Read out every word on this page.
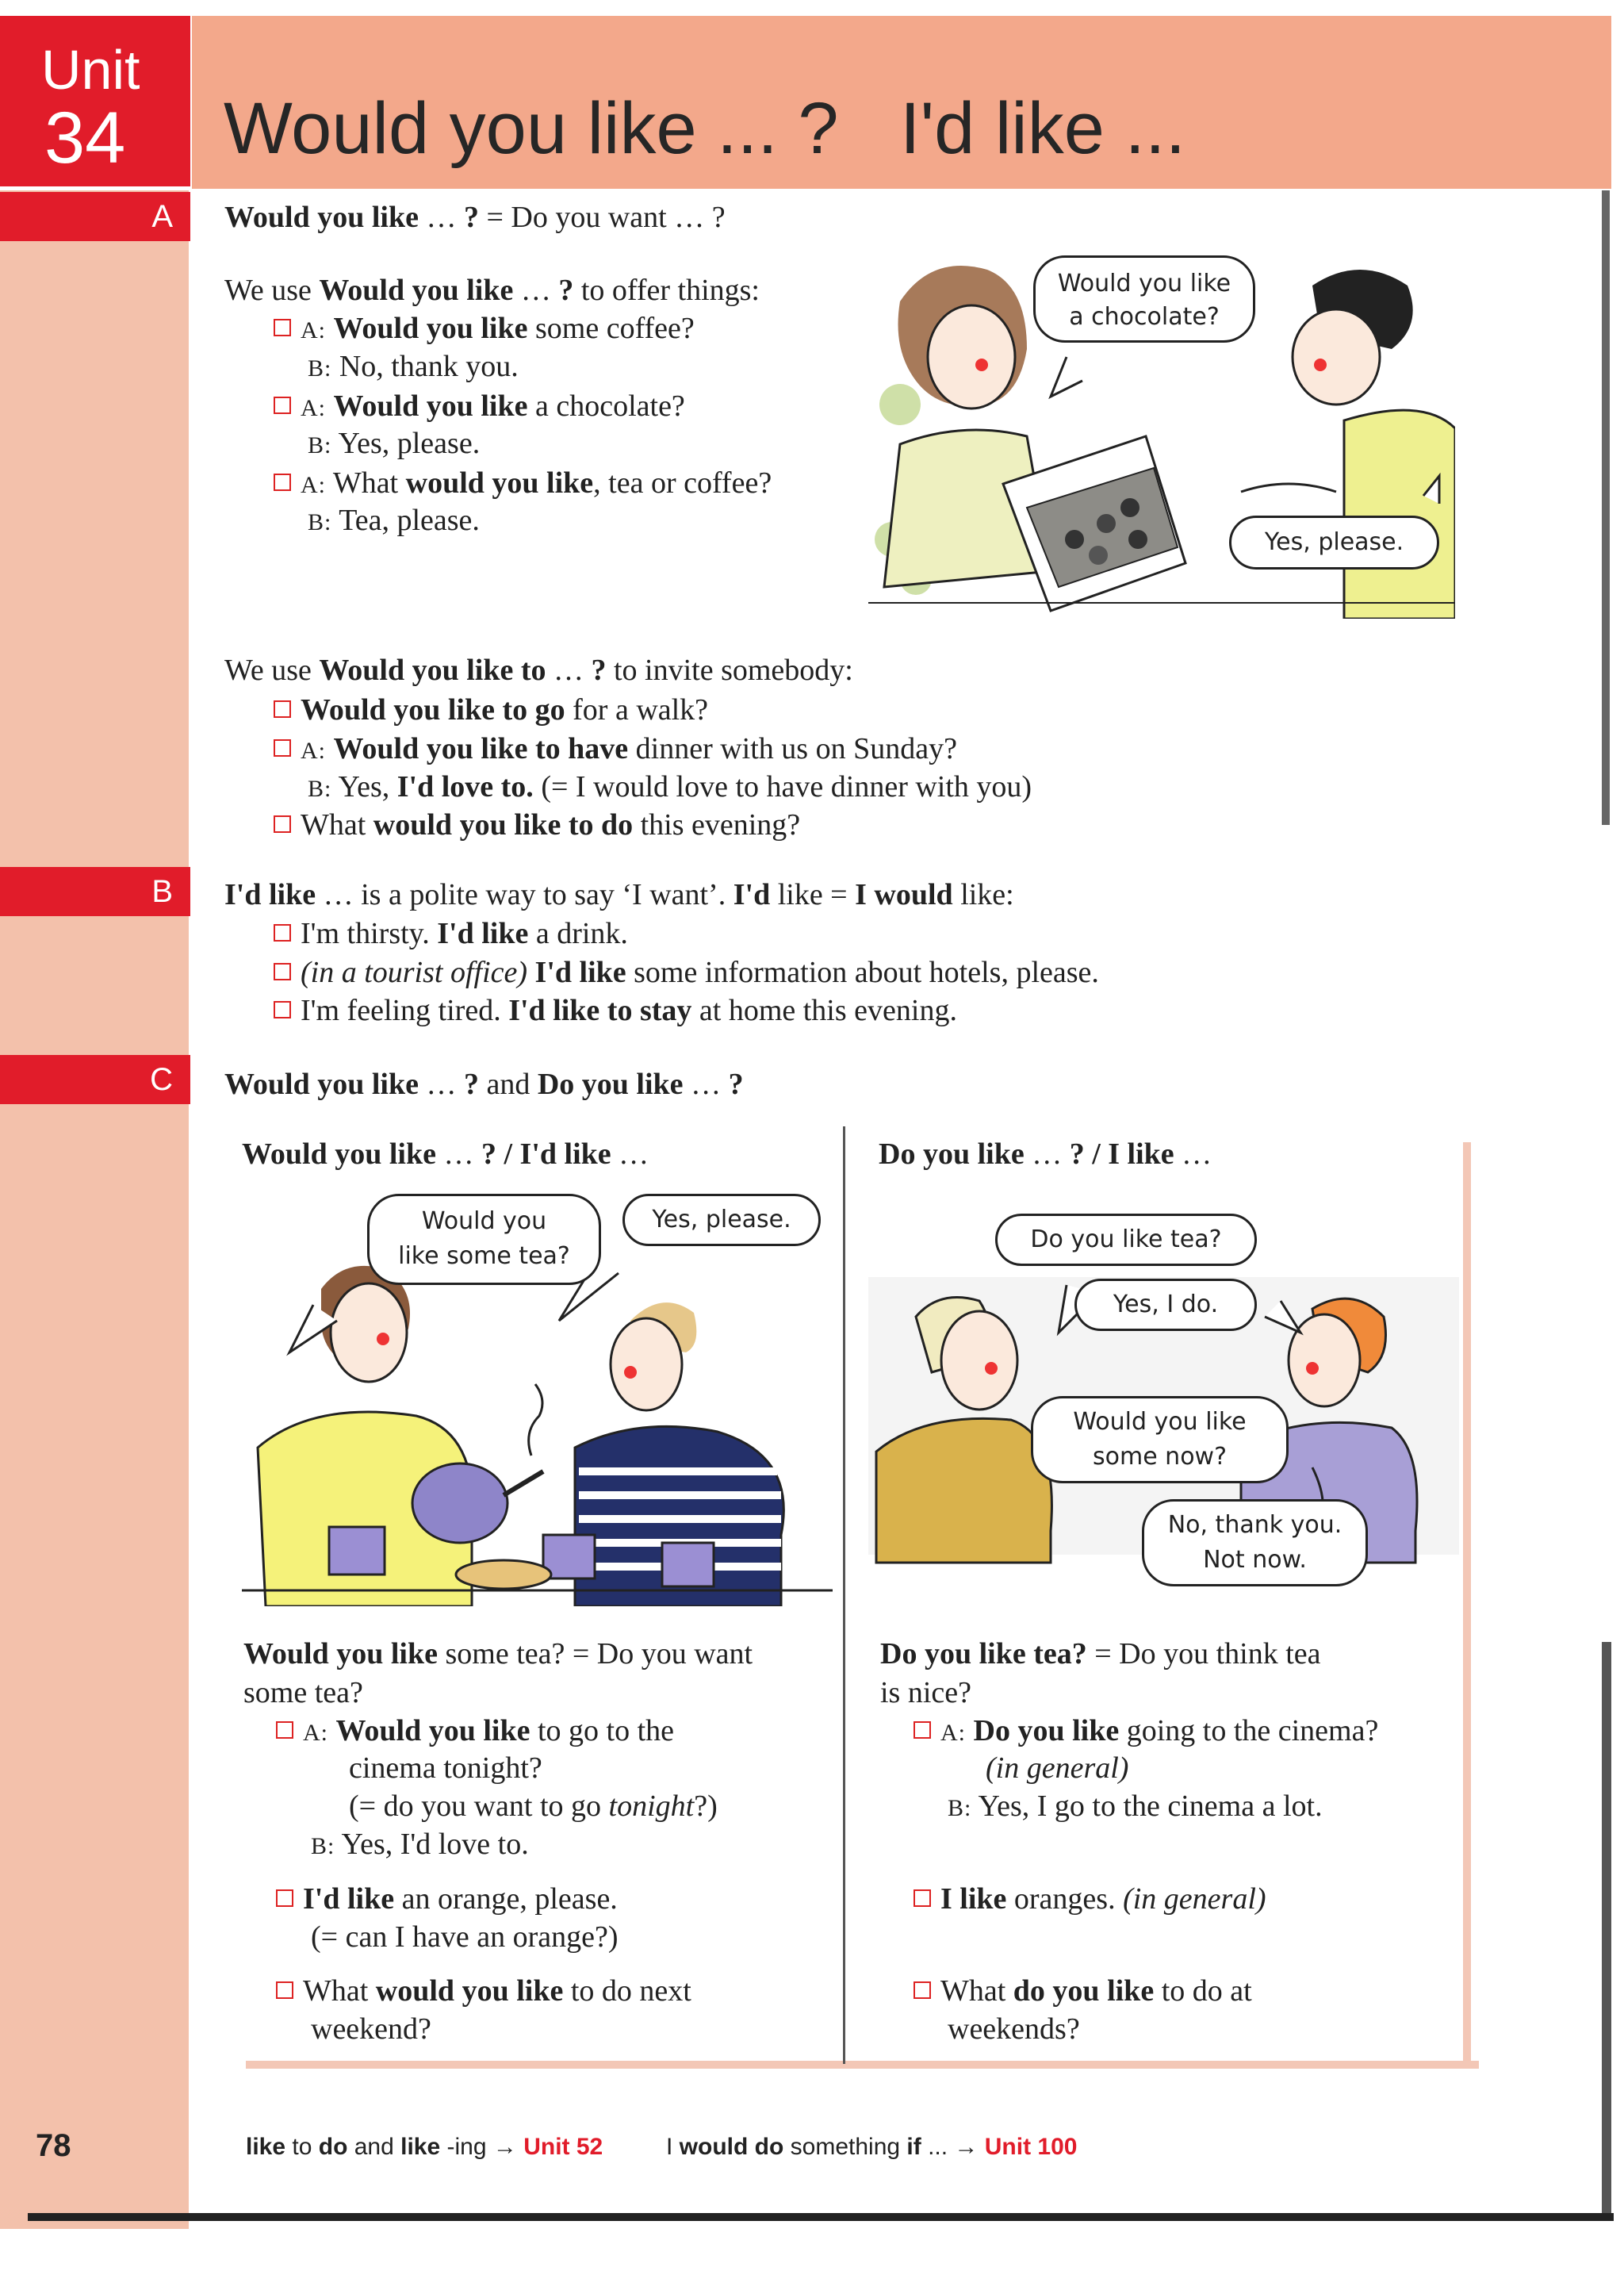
Unit
34 Would you like ... ? I'd like ...
A
B
C
Would you like … ? = Do you want … ?
We use Would you like … ? to offer things:
A: Would you like some coffee?
B: No, thank you.
A: Would you like a chocolate?
B: Yes, please.
A: What would you like, tea or coffee?
B: Tea, please.
Would you like
a chocolate?
Yes, please.
We use Would you like to … ? to invite somebody:
Would you like to go for a walk?
A: Would you like to have dinner with us on Sunday?
B: Yes, I'd love to. (= I would love to have dinner with you)
What would you like to do this evening?
I'd like … is a polite way to say ‘I want’. I'd like = I would like:
I'm thirsty. I'd like a drink.
(in a tourist office) I'd like some information about hotels, please.
I'm feeling tired. I'd like to stay at home this evening.
Would you like … ? and Do you like … ?
Would you like … ? / I'd like …
Would you
like some tea?
Yes, please.
Would you like some tea? = Do you want
some tea?
A: Would you like to go to the
cinema tonight?
(= do you want to go tonight?)
B: Yes, I'd love to.
I'd like an orange, please.
(= can I have an orange?)
What would you like to do next
weekend?
Do you like … ? / I like …
Do you like tea?
Yes, I do.
Would you like
some now?
No, thank you.
Not now.
Do you like tea? = Do you think tea
is nice?
A: Do you like going to the cinema?
(in general)
B: Yes, I go to the cinema a lot.
I like oranges. (in general)
What do you like to do at
weekends?
78	like to do and like -ing → Unit 52	I would do something if ... → Unit 100
